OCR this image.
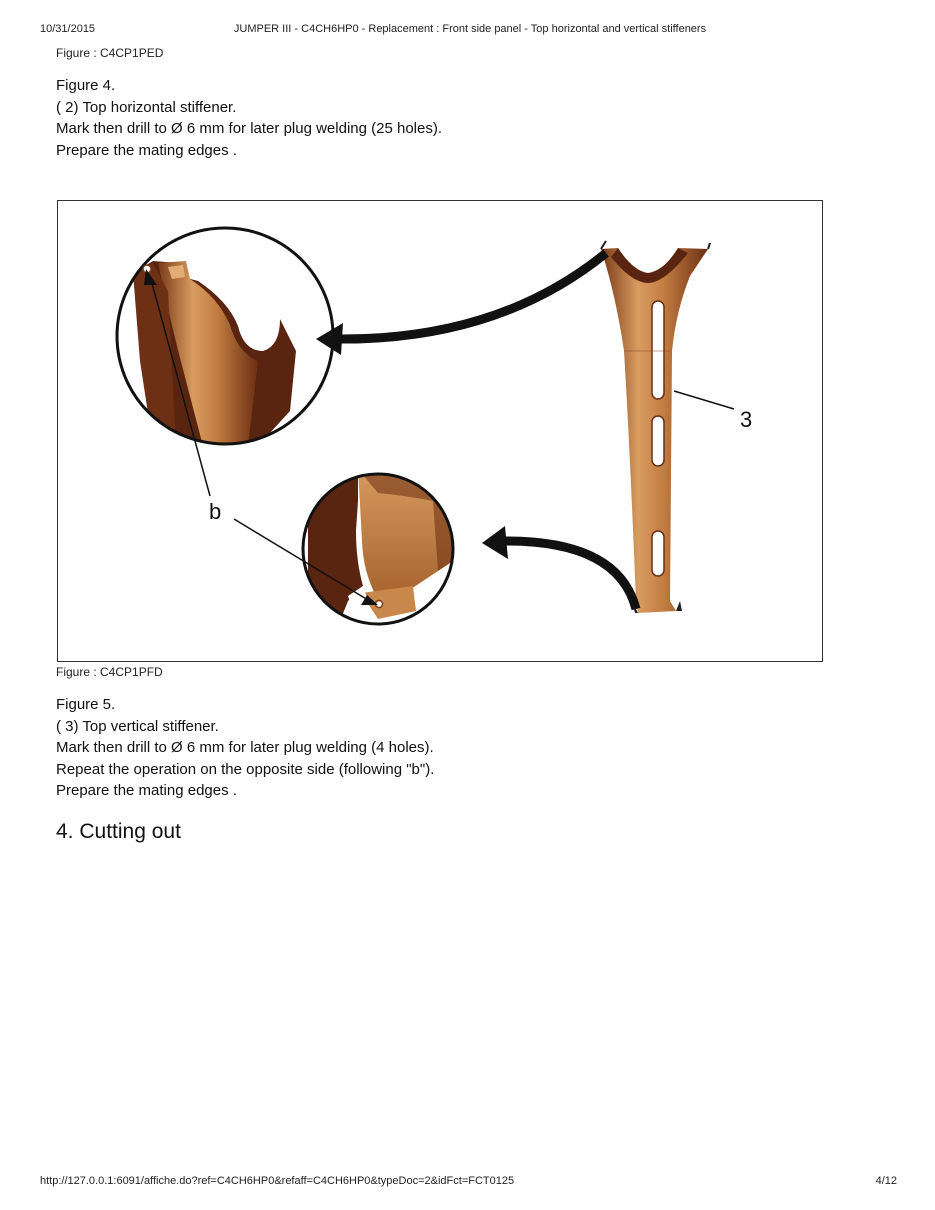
10/31/2015	JUMPER III - C4CH6HP0 - Replacement : Front side panel - Top horizontal and vertical stiffeners
Figure : C4CP1PED
Figure 4.
( 2) Top horizontal stiffener.
Mark then drill to Ø 6 mm for later plug welding (25 holes).
Prepare the mating edges .
3
b
Figure : C4CP1PFD
Figure 5.
( 3) Top vertical stiffener.
Mark then drill to Ø 6 mm for later plug welding (4 holes).
Repeat the operation on the opposite side (following "b").
Prepare the mating edges .
4. Cutting out
http://127.0.0.1:6091/affiche.do?ref=C4CH6HP0&refaff=C4CH6HP0&typeDoc=2&idFct=FCT0125	4/12
